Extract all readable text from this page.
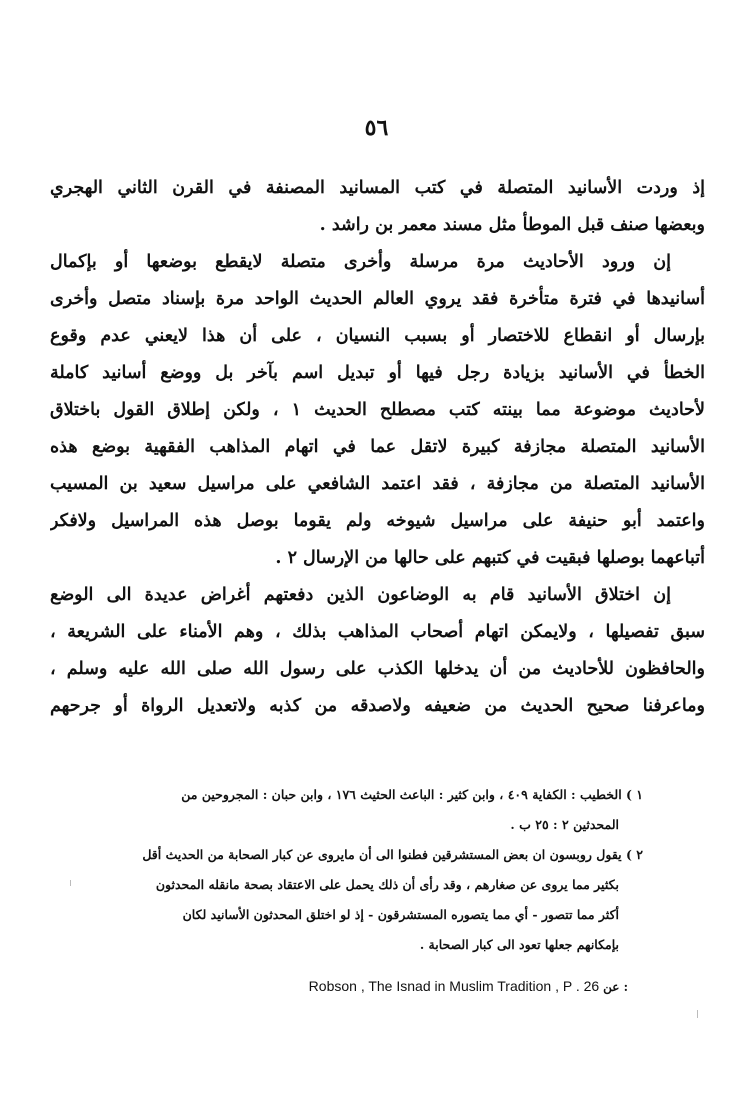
٥٦
إذ وردت الأسانيد المتصلة في كتب المسانيد المصنفة في القرن الثاني الهجري
وبعضها صنف قبل الموطأ مثل مسند معمر بن راشد .
إن ورود الأحاديث مرة مرسلة وأخرى متصلة لايقطع بوضعها أو بإكمال
أسانيدها في فترة متأخرة فقد يروي العالم الحديث الواحد مرة بإسناد متصل وأخرى
بإرسال أو انقطاع للاختصار أو بسبب النسيان ، على أن هذا لايعني عدم وقوع
الخطأ في الأسانيد بزيادة رجل فيها أو تبديل اسم بآخر بل ووضع أسانيد كاملة
لأحاديث موضوعة مما بينته كتب مصطلح الحديث ١ ، ولكن إطلاق القول باختلاق
الأسانيد المتصلة مجازفة كبيرة لاتقل عما في اتهام المذاهب الفقهية بوضع هذه
الأسانيد المتصلة من مجازفة ، فقد اعتمد الشافعي على مراسيل سعيد بن المسيب
واعتمد أبو حنيفة على مراسيل شيوخه ولم يقوما بوصل هذه المراسيل ولافكر
أتباعهما بوصلها فبقيت في كتبهم على حالها من الإرسال ٢ .
إن اختلاق الأسانيد قام به الوضاعون الذين دفعتهم أغراض عديدة الى الوضع
سبق تفصيلها ، ولايمكن اتهام أصحاب المذاهب بذلك ، وهم الأمناء على الشريعة ،
والحافظون للأحاديث من أن يدخلها الكذب على رسول الله صلى الله عليه وسلم ،
وماعرفنا صحيح الحديث من ضعيفه ولاصدقه من كذبه ولاتعديل الرواة أو جرحهم
١ ) الخطيب : الكفاية ٤٠٩ ، وابن كثير : الباعث الحثيث ١٧٦ ، وابن حبان : المجروحين من
المحدثين ٢ : ٢٥ ب .
٢ ) يقول روبسون ان بعض المستشرقين فطنوا الى أن مايروى عن كبار الصحابة من الحديث أقل
بكثير مما يروى عن صغارهم ، وقد رأى أن ذلك يحمل على الاعتقاد بصحة مانقله المحدثون
أكثر مما تتصور - أي مما يتصوره المستشرقون - إذ لو اختلق المحدثون الأسانيد لكان
بإمكانهم جعلها تعود الى كبار الصحابة .
Robson , The Isnad in Muslim Tradition , P . 26 عن :
